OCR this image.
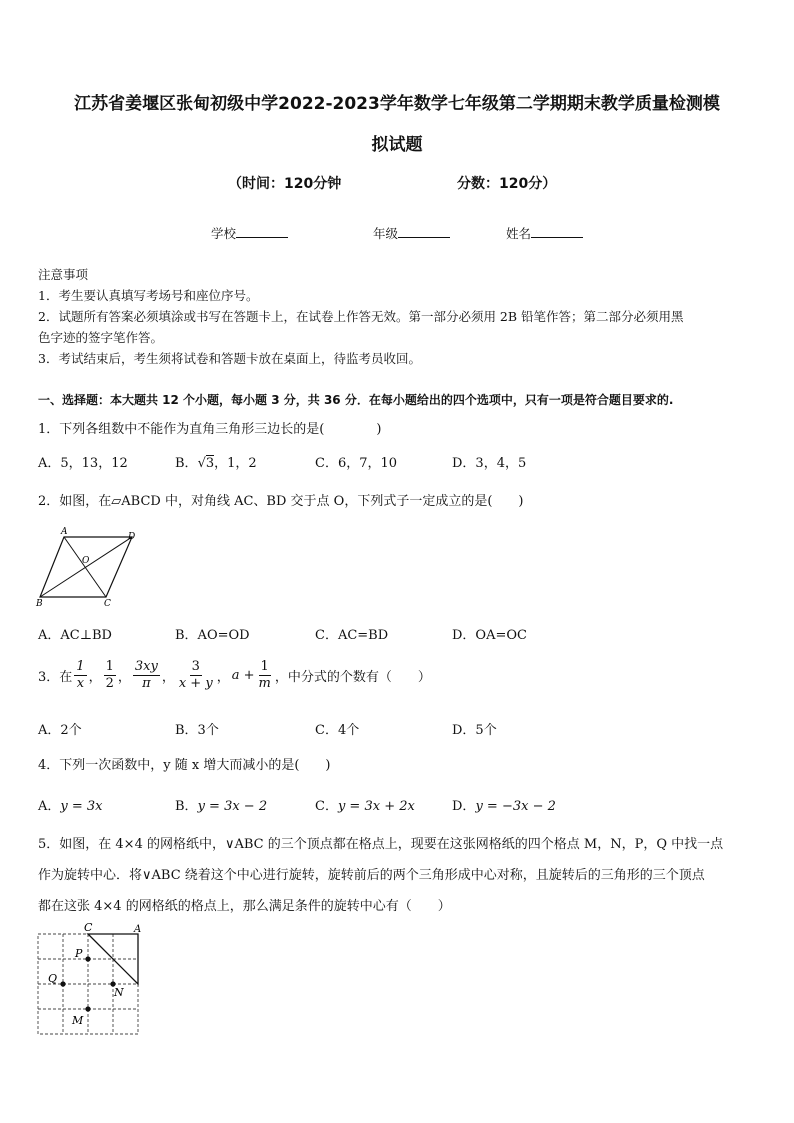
江苏省姜堰区张甸初级中学2022-2023学年数学七年级第二学期期末教学质量检测模
拟试题
（时间：120分钟	分数：120分）
学校	年级	姓名
注意事项
1．考生要认真填写考场号和座位序号。
2．试题所有答案必须填涂或书写在答题卡上，在试卷上作答无效。第一部分必须用 2B 铅笔作答；第二部分必须用黑
色字迹的签字笔作答。
3．考试结束后，考生须将试卷和答题卡放在桌面上，待监考员收回。
一、选择题：本大题共 12 个小题，每小题 3 分，共 36 分．在每小题给出的四个选项中，只有一项是符合题目要求的.
1．下列各组数中不能作为直角三角形三边长的是(　　　　)
A．5，13，12	B．√3，1，2	C．6，7，10	D．3，4，5
2．如图，在▱ABCD 中，对角线 AC、BD 交于点 O，下列式子一定成立的是(　　)
A	D
B	C
O
A．AC⊥BD	B．AO=OD	C．AC=BD	D．OA=OC
3．在 $\frac{1}{x}$ ， $\frac{1}{2}$ ， $\frac{3xy}{\pi}$ ， $\frac{3}{x + y}$ ， $a + \frac{1}{m}$ ，中分式的个数有（　　）
A．2个	B．3个	C．4个	D．5个
4．下列一次函数中，y 随 x 增大而减小的是(　　)
A．y = 3x	B．y = 3x − 2	C．y = 3x + 2x	D．y = −3x − 2
5．如图，在 4×4 的网格纸中，∨ABC 的三个顶点都在格点上，现要在这张网格纸的四个格点 M，N，P，Q 中找一点
作为旋转中心．将∨ABC 绕着这个中心进行旋转，旋转前后的两个三角形成中心对称，且旋转后的三角形的三个顶点
都在这张 4×4 的网格纸的格点上，那么满足条件的旋转中心有（　　）
C	A
P
Q
N
M
